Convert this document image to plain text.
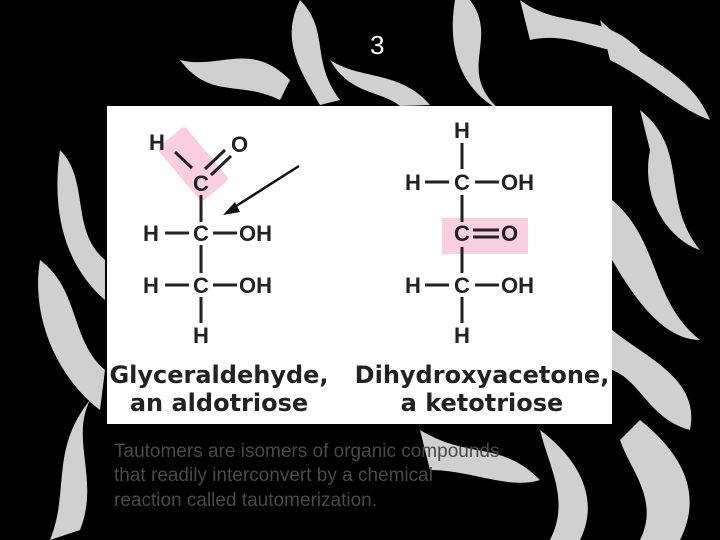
3
H	O
C
H C OH
H C OH
H
H
H C OH
C O
H C OH
H
Glyceraldehyde,
an aldotriose
Dihydroxyacetone,
a ketotriose
Tautomers are isomers of organic compounds
that readily interconvert by a chemical
reaction called tautomerization.
